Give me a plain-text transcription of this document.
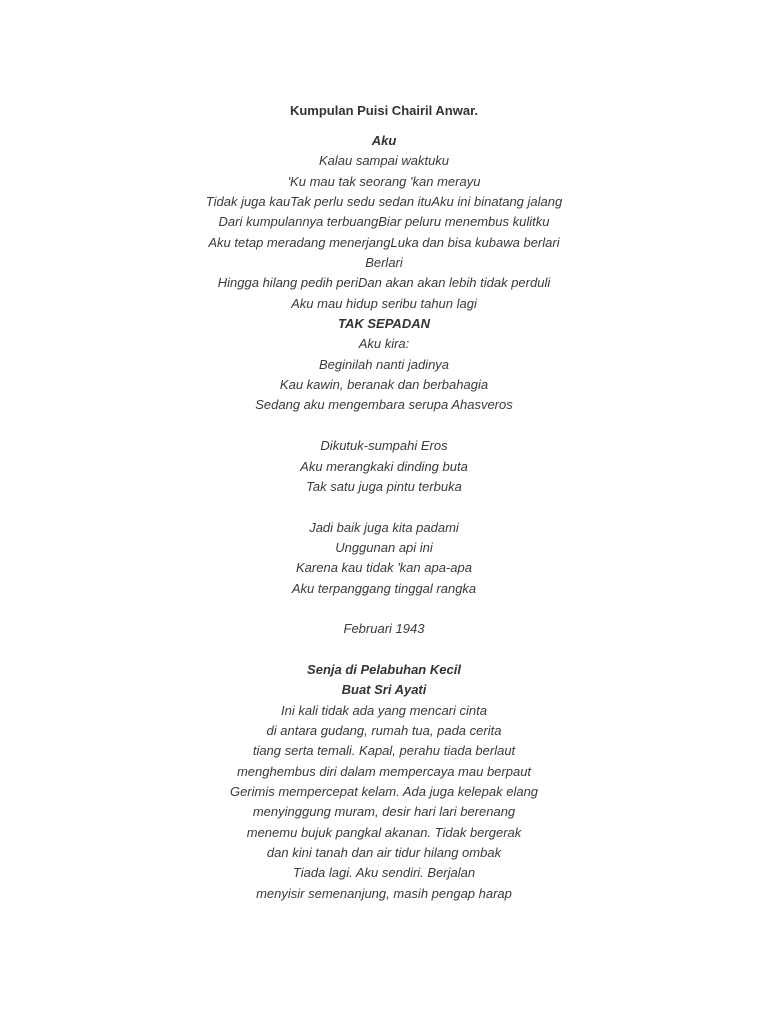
Kumpulan Puisi Chairil Anwar.
Aku
Kalau sampai waktuku
'Ku mau tak seorang 'kan merayu
Tidak juga kauTak perlu sedu sedan ituAku ini binatang jalang
Dari kumpulannya terbuangBiar peluru menembus kulitku
Aku tetap meradang menerjangLuka dan bisa kubawa berlari
Berlari
Hingga hilang pedih periDan akan akan lebih tidak perduli
Aku mau hidup seribu tahun lagi
TAK SEPADAN
Aku kira:
Beginilah nanti jadinya
Kau kawin, beranak dan berbahagia
Sedang aku mengembara serupa Ahasveros
Dikutuk-sumpahi Eros
Aku merangkaki dinding buta
Tak satu juga pintu terbuka
Jadi baik juga kita padami
Unggunan api ini
Karena kau tidak 'kan apa-apa
Aku terpanggang tinggal rangka
Februari 1943
Senja di Pelabuhan Kecil
Buat Sri Ayati
Ini kali tidak ada yang mencari cinta
di antara gudang, rumah tua, pada cerita
tiang serta temali. Kapal, perahu tiada berlaut
menghembus diri dalam mempercaya mau berpaut
Gerimis mempercepat kelam. Ada juga kelepak elang
menyinggung muram, desir hari lari berenang
menemu bujuk pangkal akanan. Tidak bergerak
dan kini tanah dan air tidur hilang ombak
Tiada lagi. Aku sendiri. Berjalan
menyisir semenanjung, masih pengap harap
